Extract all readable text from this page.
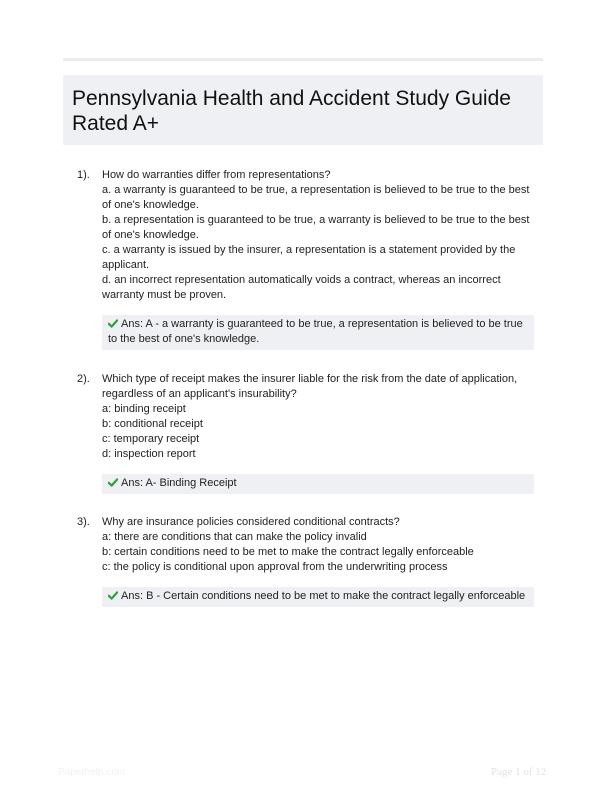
Pennsylvania Health and Accident Study Guide Rated A+
1). How do warranties differ from representations?
a. a warranty is guaranteed to be true, a representation is believed to be true to the best of one's knowledge.
b. a representation is guaranteed to be true, a warranty is believed to be true to the best of one's knowledge.
c. a warranty is issued by the insurer, a representation is a statement provided by the applicant.
d. an incorrect representation automatically voids a contract, whereas an incorrect warranty must be proven.
Ans: A - a warranty is guaranteed to be true, a representation is believed to be true to the best of one's knowledge.
2). Which type of receipt makes the insurer liable for the risk from the date of application, regardless of an applicant's insurability?
a: binding receipt
b: conditional receipt
c: temporary receipt
d: inspection report
Ans: A- Binding Receipt
3). Why are insurance policies considered conditional contracts?
a: there are conditions that can make the policy invalid
b: certain conditions need to be met to make the contract legally enforceable
c: the policy is conditional upon approval from the underwriting process
Ans: B - Certain conditions need to be met to make the contract legally enforceable
Paperhelp.com	Page 1 of 12
